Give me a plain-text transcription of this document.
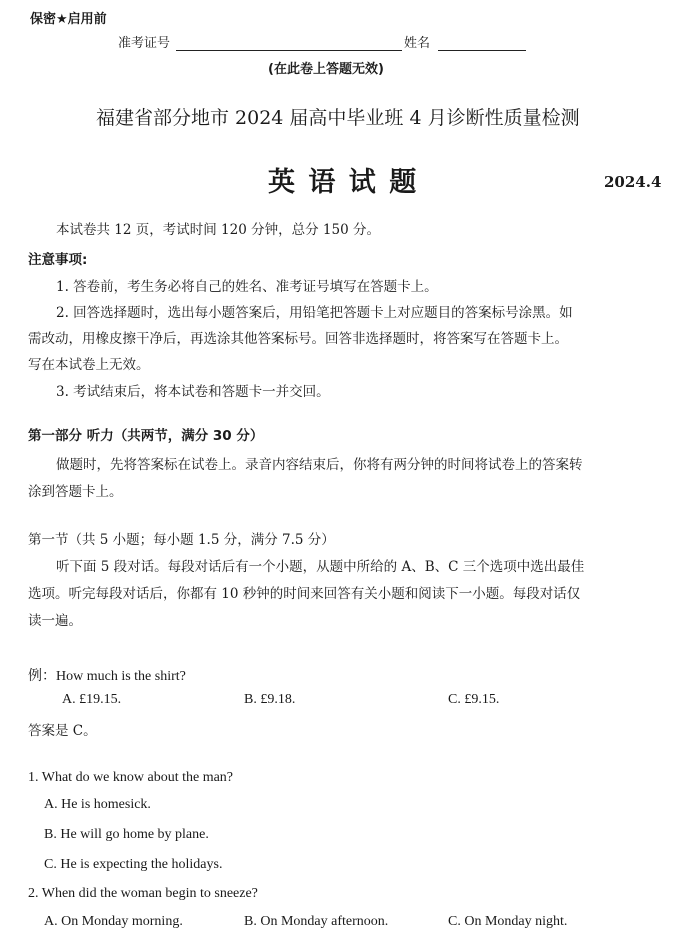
保密★启用前
准考证号	姓名
(在此卷上答题无效)
福建省部分地市 2024 届高中毕业班 4 月诊断性质量检测
英 语 试 题	2024.4
本试卷共 12 页，考试时间 120 分钟，总分 150 分。
注意事项:
1. 答卷前，考生务必将自己的姓名、准考证号填写在答题卡上。
2. 回答选择题时，选出每小题答案后，用铅笔把答题卡上对应题目的答案标号涂黑。如
需改动，用橡皮擦干净后，再选涂其他答案标号。回答非选择题时，将答案写在答题卡上。
写在本试卷上无效。
3. 考试结束后，将本试卷和答题卡一并交回。
第一部分 听力（共两节，满分 30 分）
做题时，先将答案标在试卷上。录音内容结束后，你将有两分钟的时间将试卷上的答案转
涂到答题卡上。
第一节（共 5 小题；每小题 1.5 分，满分 7.5 分）
听下面 5 段对话。每段对话后有一个小题，从题中所给的 A、B、C 三个选项中选出最佳
选项。听完每段对话后，你都有 10 秒钟的时间来回答有关小题和阅读下一小题。每段对话仅
读一遍。
例：How much is the shirt?
A. £19.15.	B. £9.18.	C. £9.15.
答案是 C。
1. What do we know about the man?
A. He is homesick.
B. He will go home by plane.
C. He is expecting the holidays.
2. When did the woman begin to sneeze?
A. On Monday morning.	B. On Monday afternoon.	C. On Monday night.
